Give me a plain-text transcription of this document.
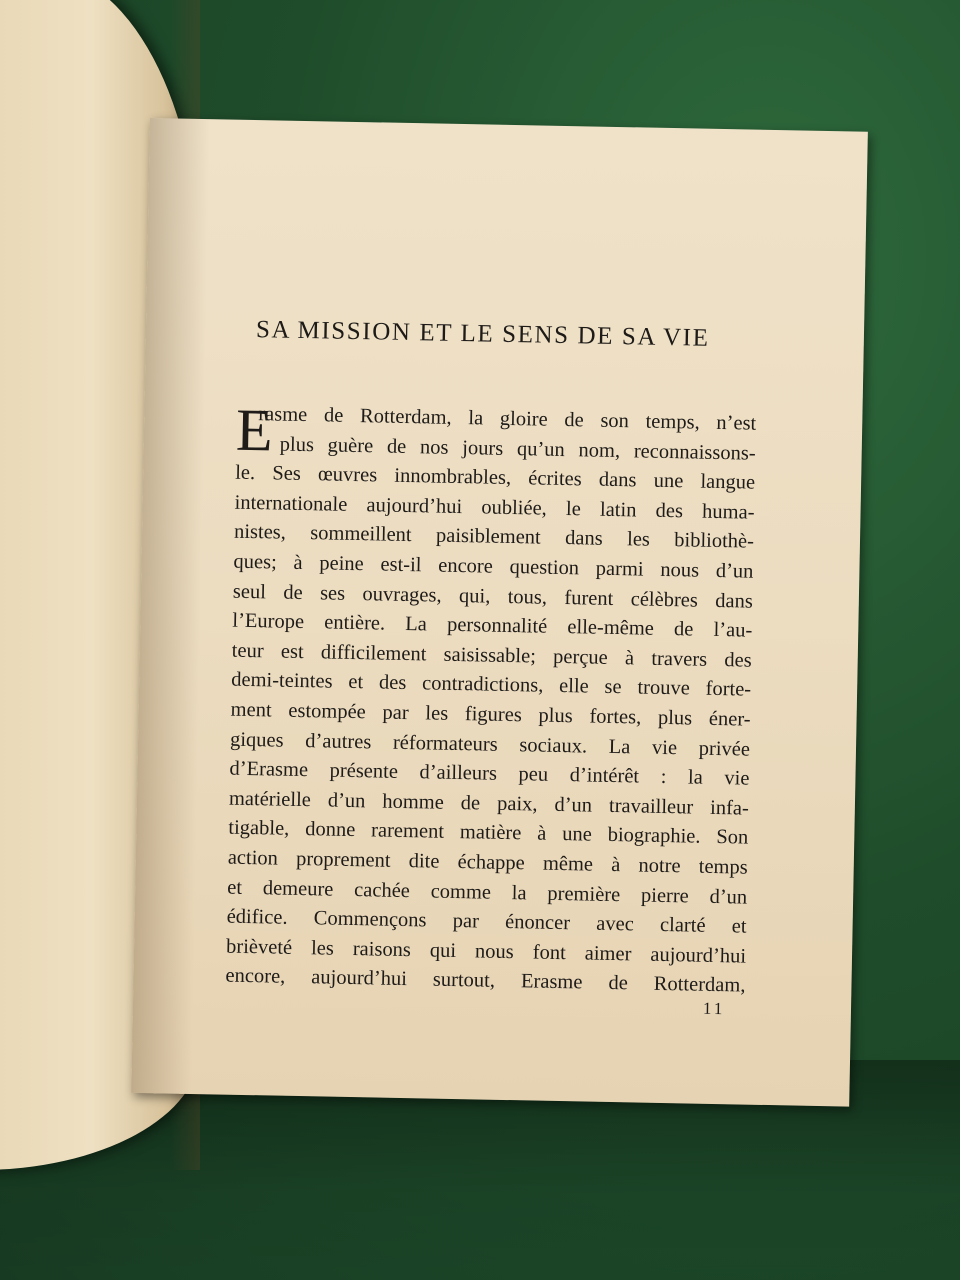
SA MISSION ET LE SENS DE SA VIE
E
rasme de Rotterdam, la gloire de son temps, n’est
plus guère de nos jours qu’un nom, reconnaissons-
le. Ses œuvres innombrables, écrites dans une langue
internationale aujourd’hui oubliée, le latin des huma-
nistes, sommeillent paisiblement dans les bibliothè-
ques; à peine est-il encore question parmi nous d’un
seul de ses ouvrages, qui, tous, furent célèbres dans
l’Europe entière. La personnalité elle-même de l’au-
teur est difficilement saisissable; perçue à travers des
demi-teintes et des contradictions, elle se trouve forte-
ment estompée par les figures plus fortes, plus éner-
giques d’autres réformateurs sociaux. La vie privée
d’Erasme présente d’ailleurs peu d’intérêt : la vie
matérielle d’un homme de paix, d’un travailleur infa-
tigable, donne rarement matière à une biographie. Son
action proprement dite échappe même à notre temps
et demeure cachée comme la première pierre d’un
édifice. Commençons par énoncer avec clarté et
brièveté les raisons qui nous font aimer aujourd’hui
encore, aujourd’hui surtout, Erasme de Rotterdam,
11
